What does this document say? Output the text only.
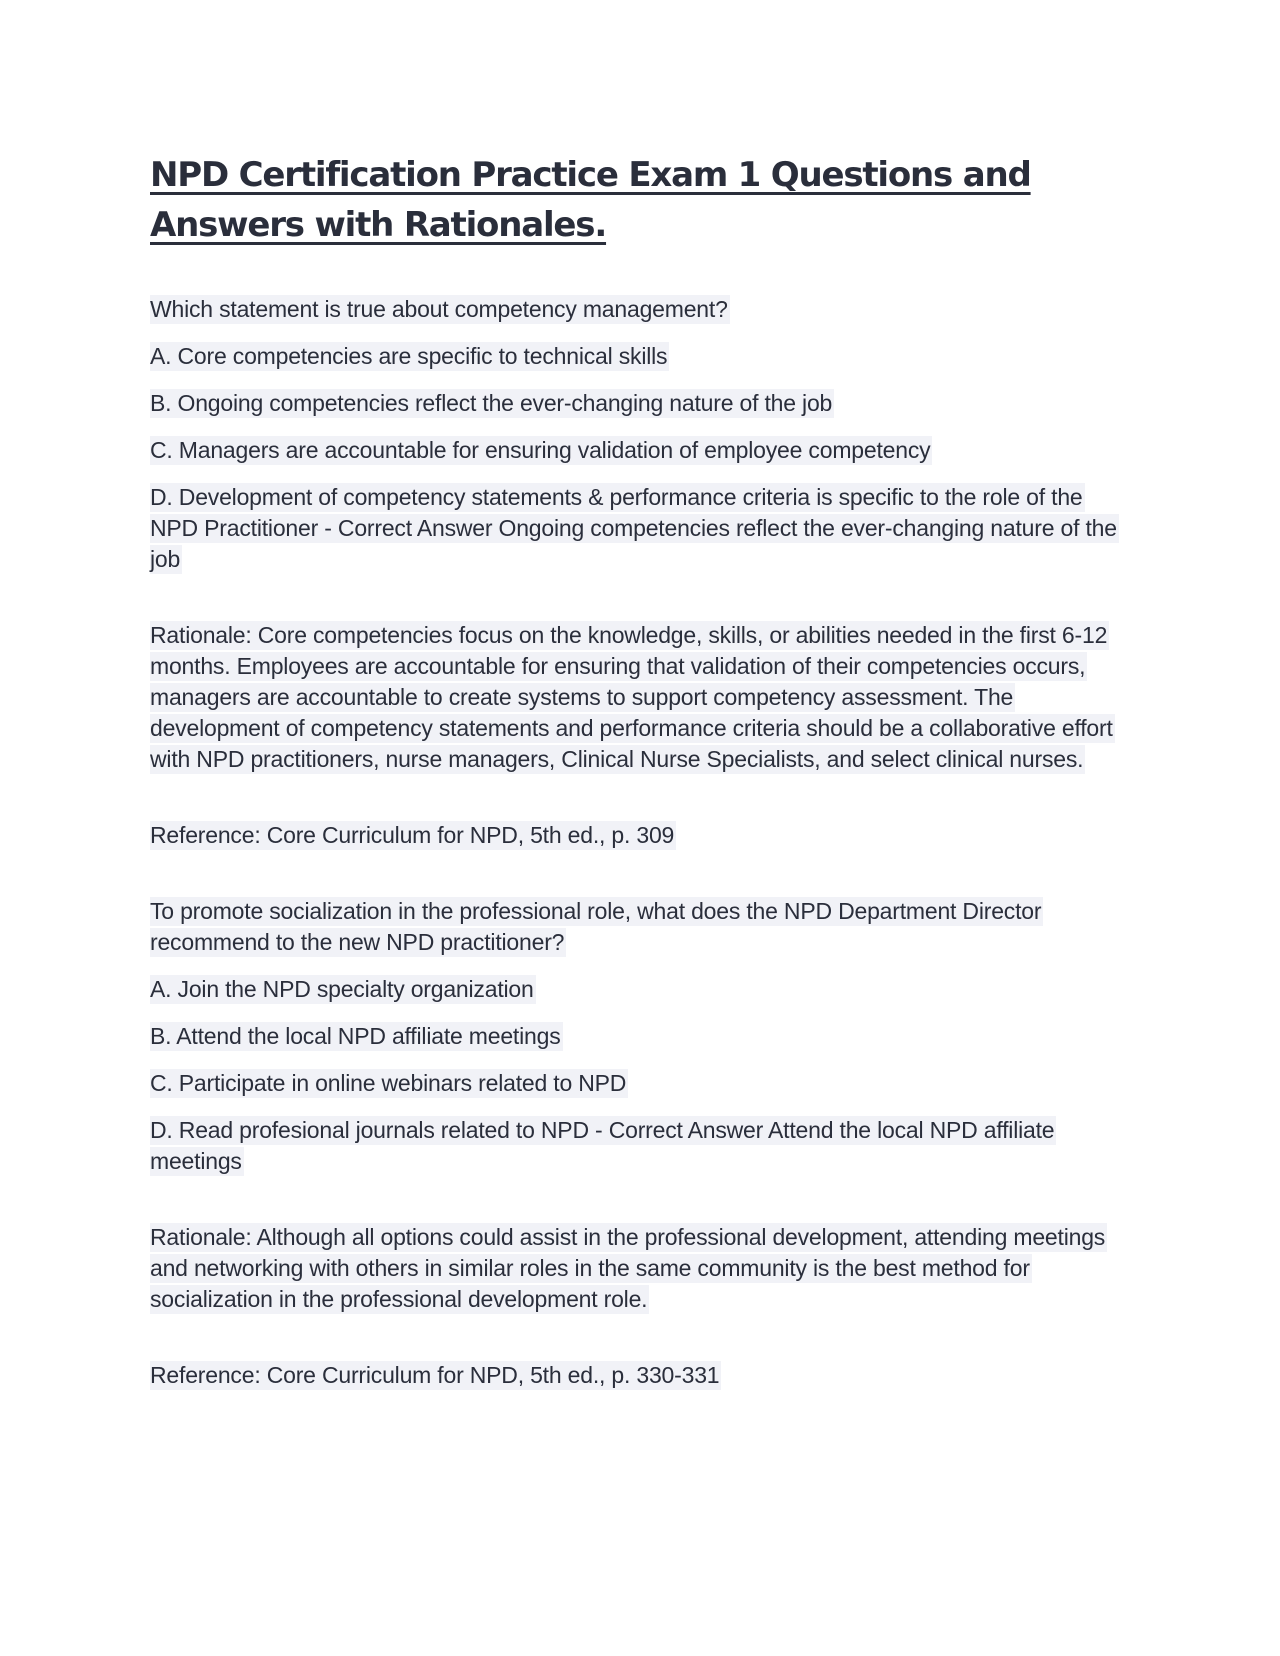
NPD Certification Practice Exam 1 Questions and Answers with Rationales.

Which statement is true about competency management?

A. Core competencies are specific to technical skills

B. Ongoing competencies reflect the ever-changing nature of the job

C. Managers are accountable for ensuring validation of employee competency

D. Development of competency statements & performance criteria is specific to the role of the NPD Practitioner - Correct Answer Ongoing competencies reflect the ever-changing nature of the job

Rationale: Core competencies focus on the knowledge, skills, or abilities needed in the first 6-12 months. Employees are accountable for ensuring that validation of their competencies occurs, managers are accountable to create systems to support competency assessment. The development of competency statements and performance criteria should be a collaborative effort with NPD practitioners, nurse managers, Clinical Nurse Specialists, and select clinical nurses.

Reference: Core Curriculum for NPD, 5th ed., p. 309

To promote socialization in the professional role, what does the NPD Department Director recommend to the new NPD practitioner?

A. Join the NPD specialty organization

B. Attend the local NPD affiliate meetings

C. Participate in online webinars related to NPD

D. Read profesional journals related to NPD - Correct Answer Attend the local NPD affiliate meetings

Rationale: Although all options could assist in the professional development, attending meetings and networking with others in similar roles in the same community is the best method for socialization in the professional development role.

Reference: Core Curriculum for NPD, 5th ed., p. 330-331
